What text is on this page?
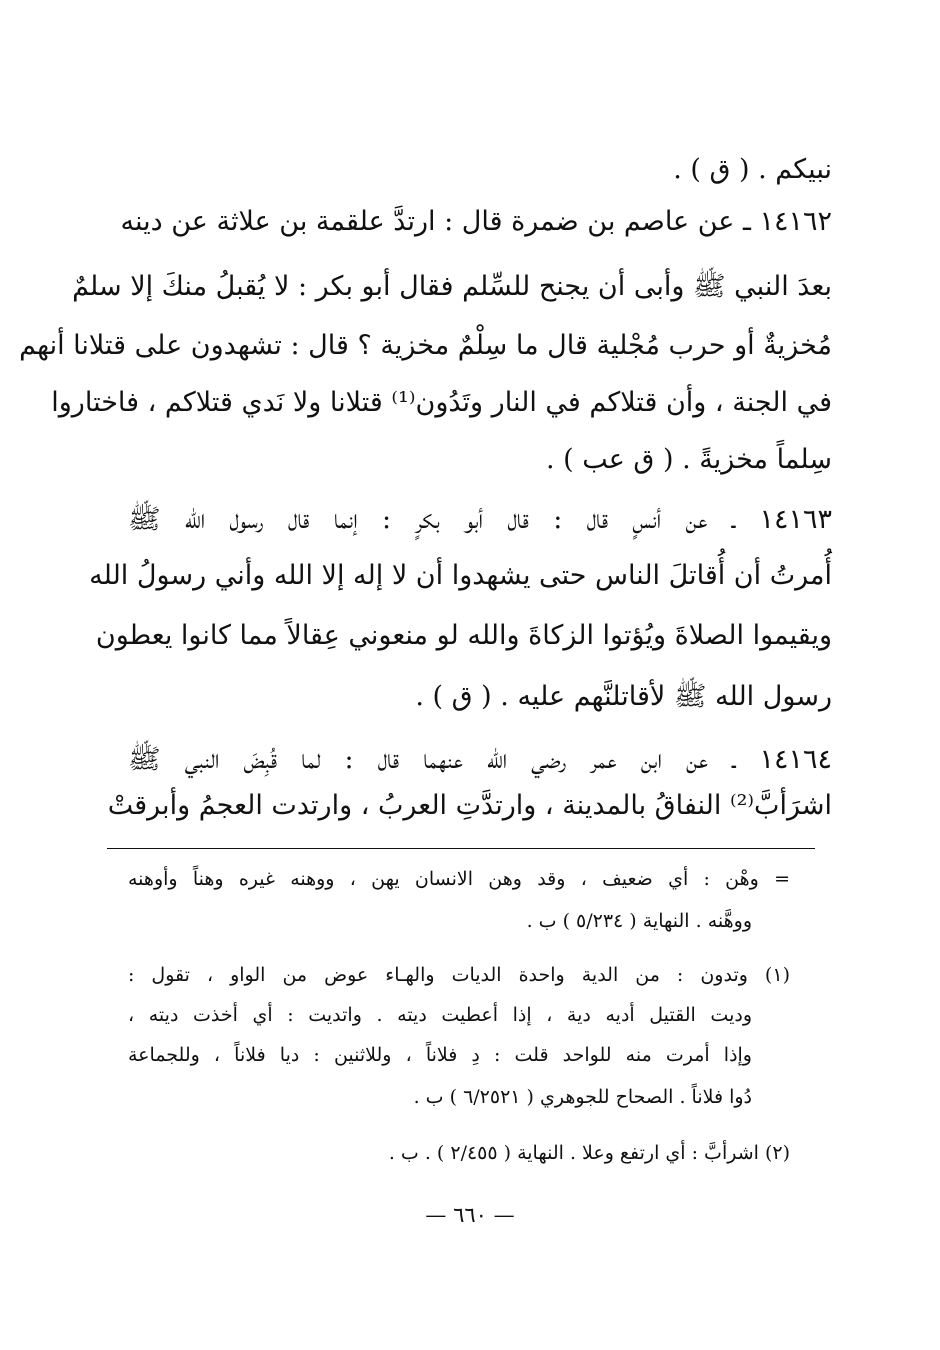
نبيكم . ( ق ) .
١٤١٦٢ ـ عن عاصم بن ضمرة قال : ارتدَّ علقمة بن علاثة عن دينه
بعدَ النبي ﷺ وأبى أن يجنح للسِّلم فقال أبو بكر : لا يُقبلُ منكَ إلا سلمٌ
مُخزيةٌ أو حرب مُجْلية قال ما سِلْمٌ مخزية ؟ قال : تشهدون على قتلانا أنهم
في الجنة ، وأن قتلاكم في النار وتَدُون⁽¹⁾ قتلانا ولا نَدي قتلاكم ، فاختاروا
سِلماً مخزيةً . ( ق عب ) .
١٤١٦٣ ـ عن أنسٍ قال : قال أبو بكرٍ : إنما قال رسول الله ﷺ
أُمرتُ أن أُقاتلَ الناس حتى يشهدوا أن لا إله إلا الله وأني رسولُ الله
ويقيموا الصلاةَ ويُؤتوا الزكاةَ والله لو منعوني عِقالاً مما كانوا يعطون
رسول الله ﷺ لأقاتلنَّهم عليه . ( ق ) .
١٤١٦٤ ـ عن ابن عمر رضي الله عنهما قال : لما قُبِضَ النبي ﷺ
اشرَأبَّ⁽²⁾ النفاقُ بالمدينة ، وارتدَّتِ العربُ ، وارتدت العجمُ وأبرقتْ
= وهْن : أي ضعيف ، وقد وهن الانسان يهن ، ووهنه غيره وهناً وأوهنه
ووهَّنه . النهاية ( ٥/٢٣٤ ) ب .
(١) وتدون : من الدية واحدة الديات والهـاء عوض من الواو ، تقول :
وديت القتيل أديه دية ، إذا أعطيت ديته . واتديت : أي أخذت ديته ،
وإذا أمرت منه للواحد قلت : دِ فلاناً ، وللاثنين : ديا فلاناً ، وللجماعة
دُوا فلاناً . الصحاح للجوهري ( ٦/٢٥٢١ ) ب .
(٢) اشرأبَّ : أي ارتفع وعلا . النهاية ( ٢/٤٥٥ ) . ب .
— ٦٦٠ —
